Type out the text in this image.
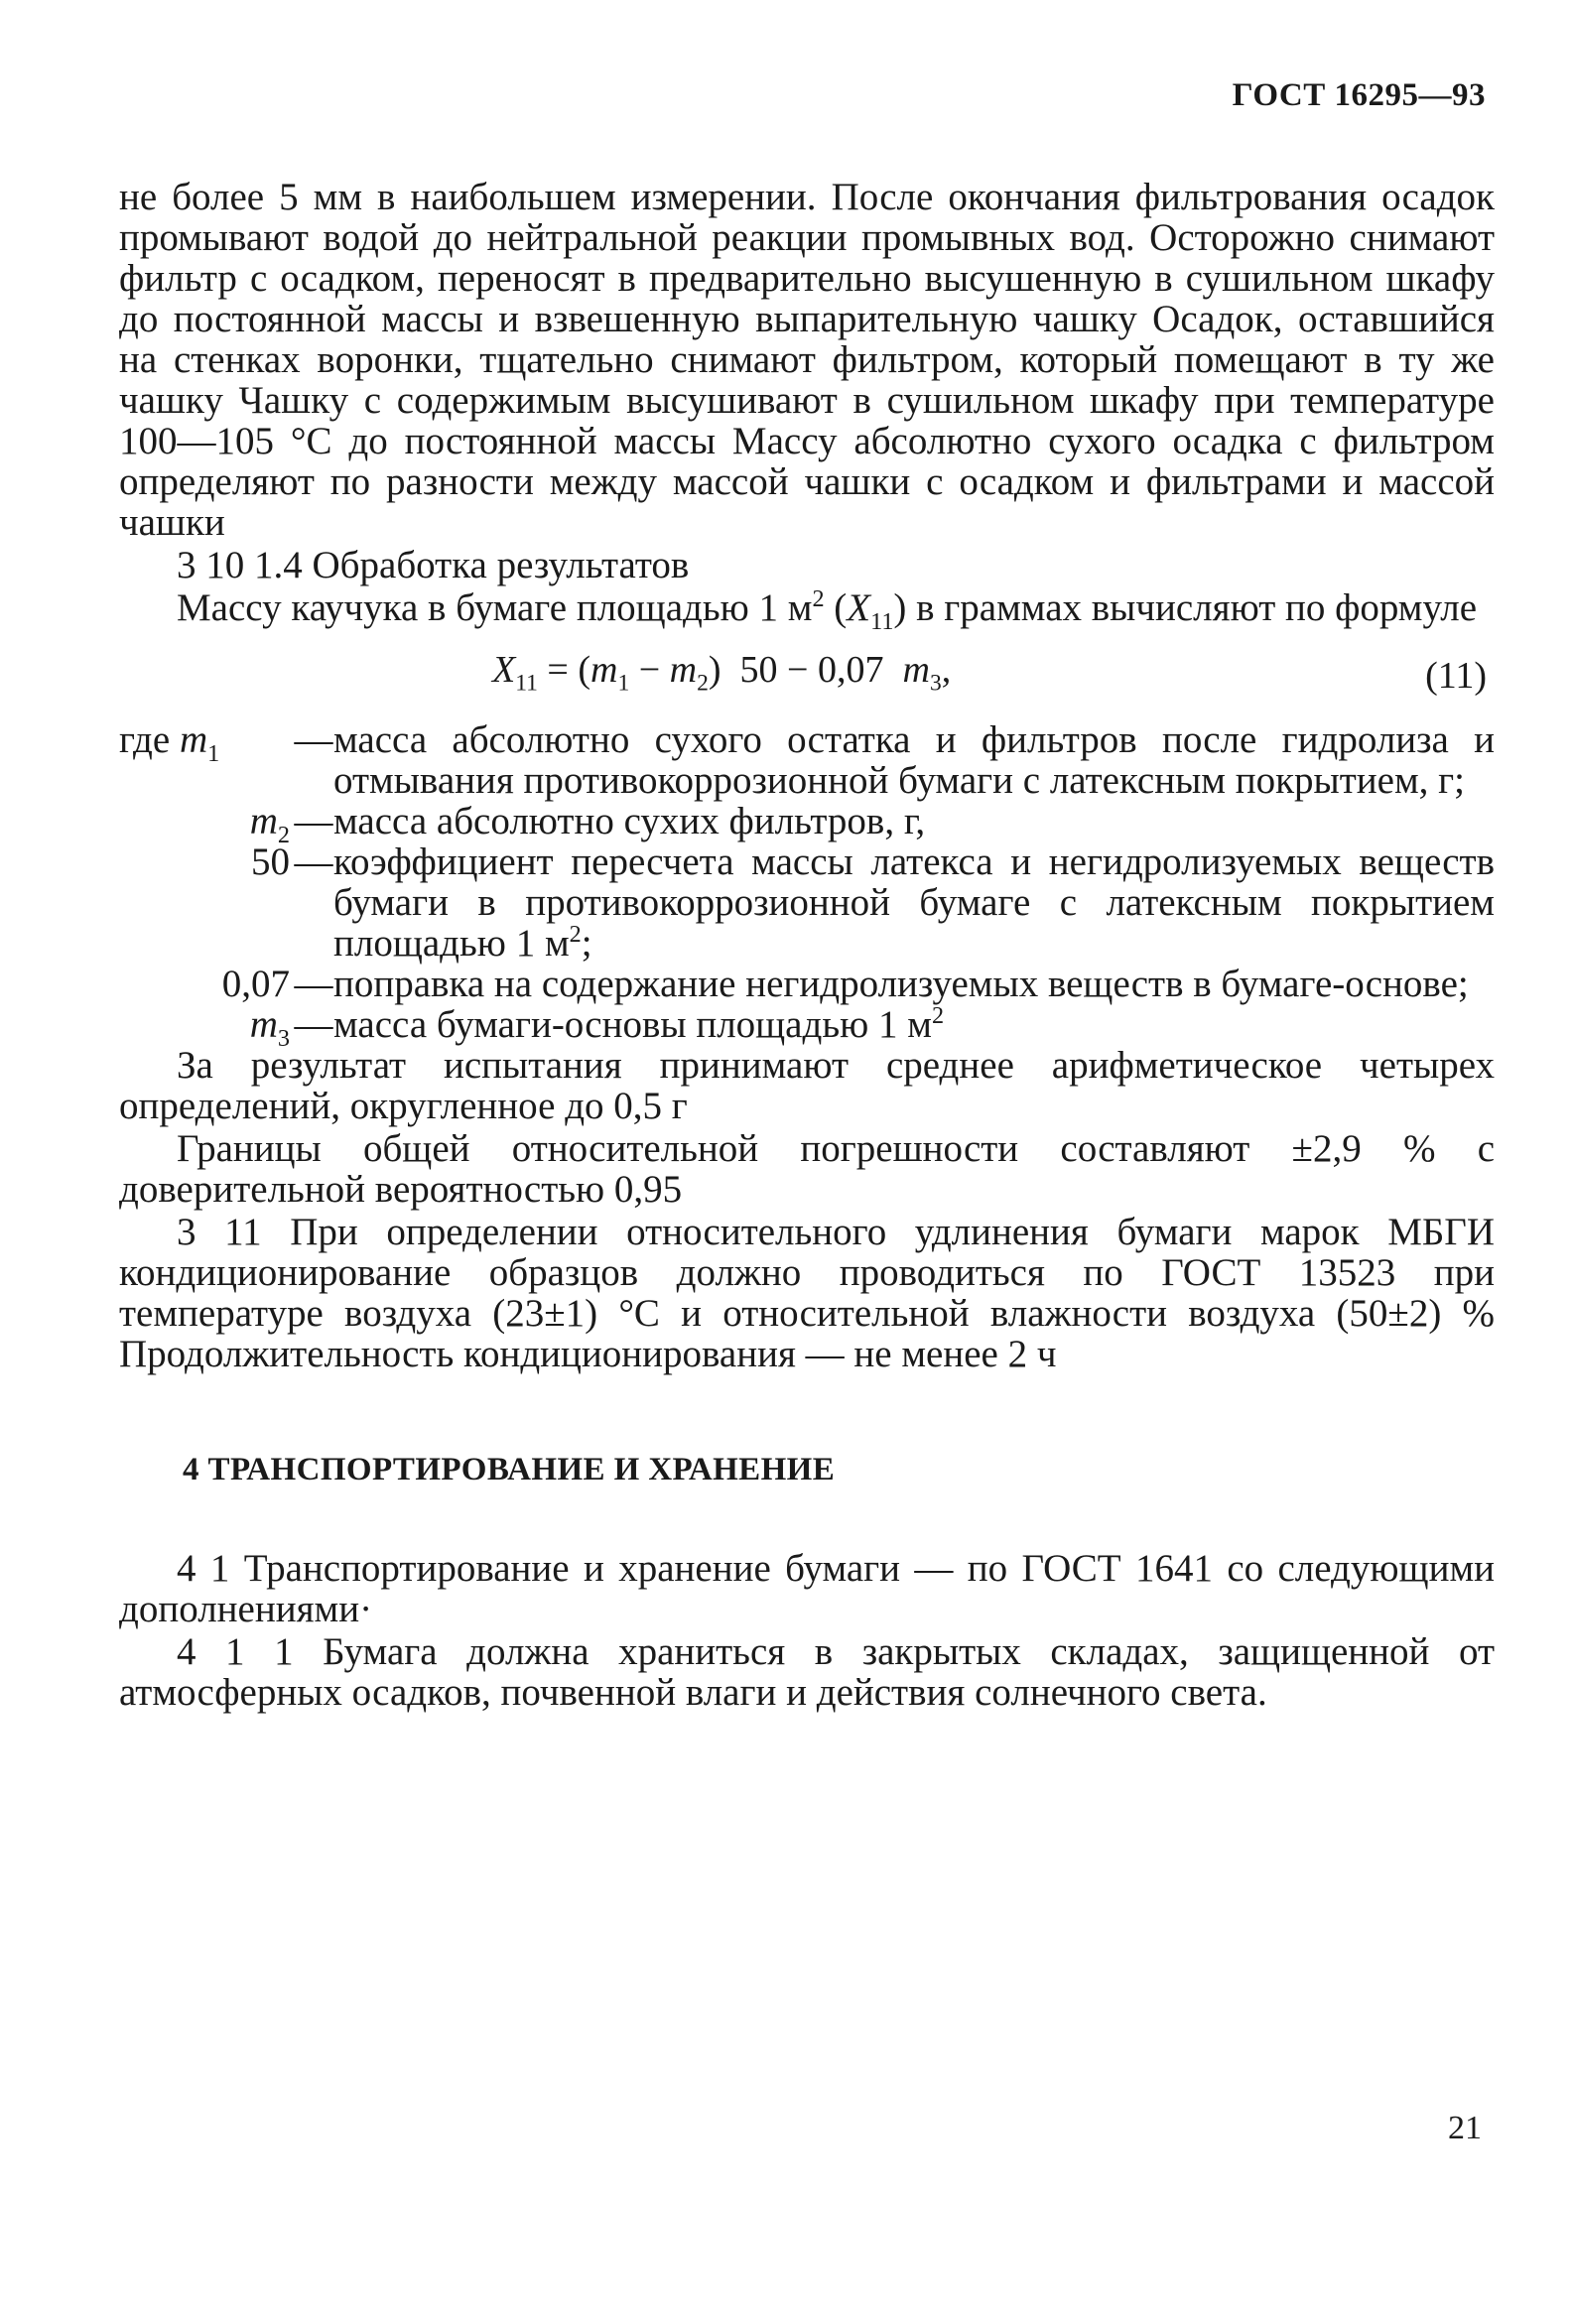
ГОСТ 16295—93

не более 5 мм в наибольшем измерении. После окончания фильтрования осадок промывают водой до нейтральной реакции промывных вод. Осторожно снимают фильтр с осадком, переносят в предварительно высушенную в сушильном шкафу до постоянной массы и взвешенную выпарительную чашку Осадок, оставшийся на стенках воронки, тщательно снимают фильтром, который помещают в ту же чашку Чашку с содержимым высушивают в сушильном шкафу при температуре 100—105 °С до постоянной массы Массу абсолютно сухого осадка с фильтром определяют по разности между массой чашки с осадком и фильтрами и массой чашки

3 10 1.4 Обработка результатов

Массу каучука в бумаге площадью 1 $м^2$ $(X_{11})$ в граммах вычисляют по формуле

$X_{11} = (m_1 - m_2) 50 - 0,07$  $m_3$,	(11)
где $m_1$	— масса абсолютно сухого остатка и фильтров после гидролиза и отмывания противокоррозионной бумаги с латексным покрытием, г;
$m_2$ — масса абсолютно сухих фильтров, г,
50 — коэффициент пересчета массы латекса и негидролизуемых веществ бумаги в противокоррозионной бумаге с латексным покрытием площадью 1 $м^2$;
0,07 — поправка на содержание негидролизуемых веществ в бумаге-основе;
$m_3$ — масса бумаги-основы площадью 1 $м^2$

За результат испытания принимают среднее арифметическое четырех определений, округленное до 0,5 г

Границы общей относительной погрешности составляют ±2,9 % с доверительной вероятностью 0,95

3 11 При определении относительного удлинения бумаги марок МБГИ кондиционирование образцов должно проводиться по ГОСТ 13523 при температуре воздуха (23±1) °С и относительной влажности воздуха (50±2) % Продолжительность кондиционирования — не менее 2 ч

4 ТРАНСПОРТИРОВАНИЕ И ХРАНЕНИЕ

4 1 Транспортирование и хранение бумаги — по ГОСТ 1641 со следующими дополнениями·

4 1 1 Бумага должна храниться в закрытых складах, защищенной от атмосферных осадков, почвенной влаги и действия солнечного света.

21
